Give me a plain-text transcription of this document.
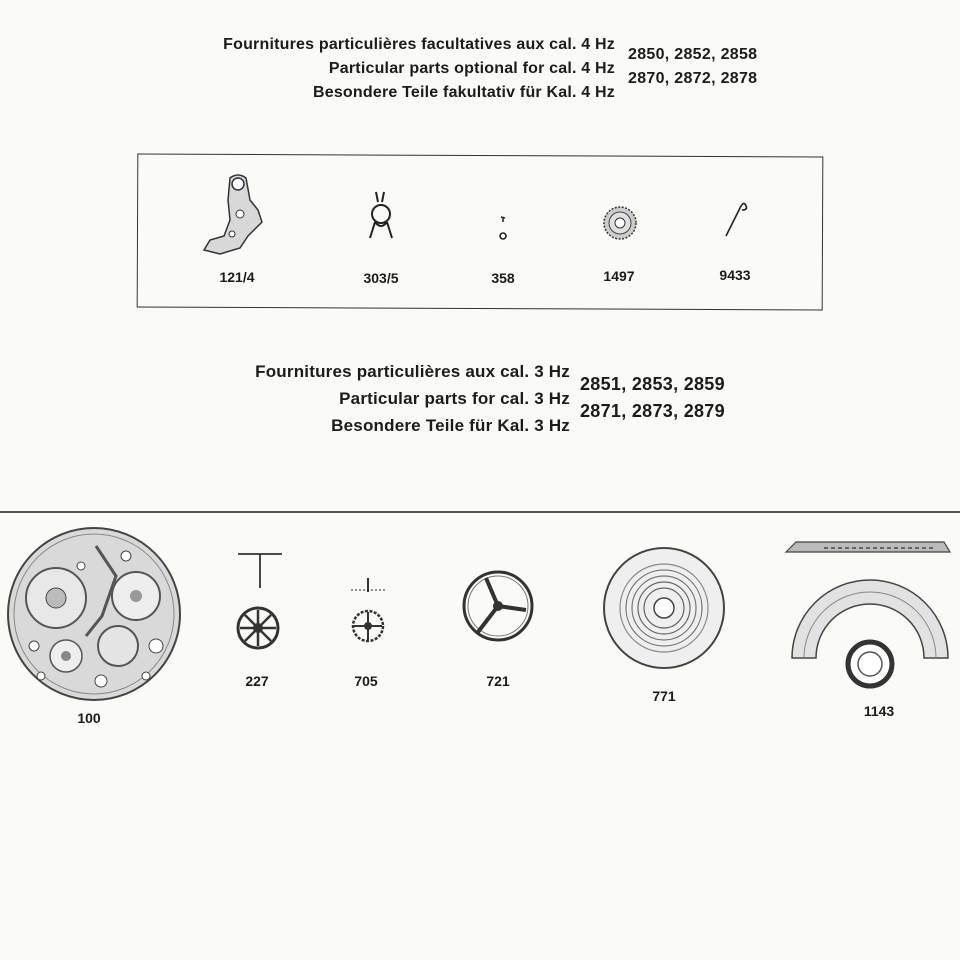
Fournitures particulières facultatives aux cal. 4 Hz
Particular parts optional for cal. 4 Hz
Besondere Teile fakultativ für Kal. 4 Hz
2850, 2852, 2858
2870, 2872, 2878
121/4	303/5	358	1497	9433
Fournitures particulières aux cal. 3 Hz
Particular parts for cal. 3 Hz
Besondere Teile für Kal. 3 Hz
2851, 2853, 2859
2871, 2873, 2879
100
227	705	721
771
1143
